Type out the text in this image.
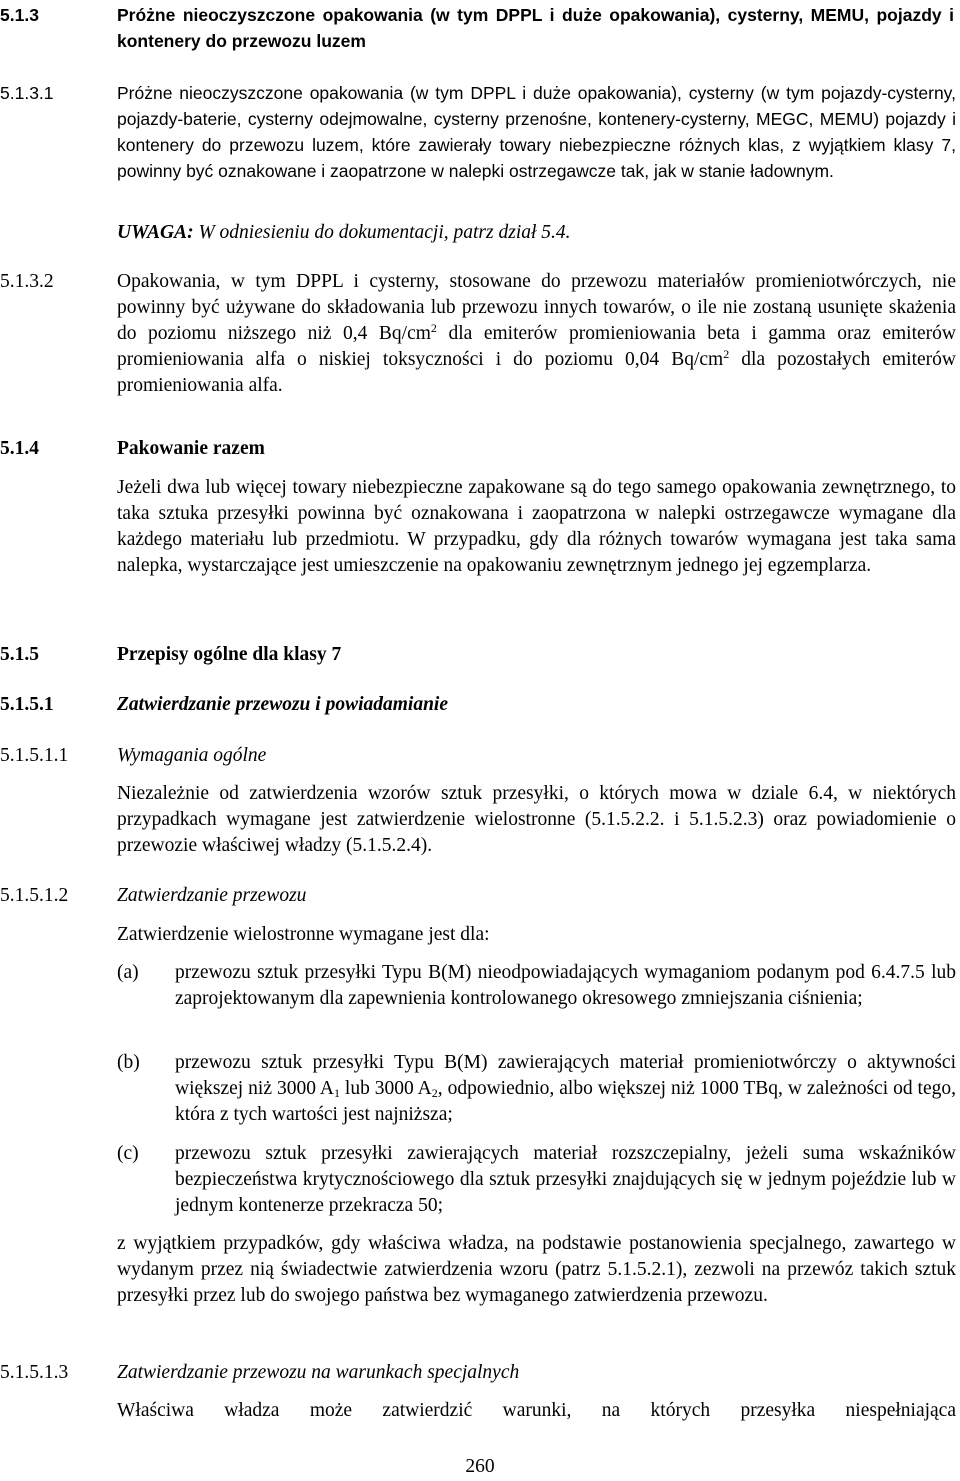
5.1.3	Próżne nieoczyszczone opakowania (w tym DPPL i duże opakowania), cysterny, MEMU, pojazdy i kontenery do przewozu luzem
5.1.3.1	Próżne nieoczyszczone opakowania (w tym DPPL i duże opakowania), cysterny (w tym pojazdy-cysterny, pojazdy-baterie, cysterny odejmowalne, cysterny przenośne, kontenery-cysterny, MEGC, MEMU) pojazdy i kontenery do przewozu luzem, które zawierały towary niebezpieczne różnych klas, z wyjątkiem klasy 7, powinny być oznakowane i zaopatrzone w nalepki ostrzegawcze tak, jak w stanie ładownym.
UWAGA: W odniesieniu do dokumentacji, patrz dział 5.4.
5.1.3.2	Opakowania, w tym DPPL i cysterny, stosowane do przewozu materiałów promieniotwórczych, nie powinny być używane do składowania lub przewozu innych towarów, o ile nie zostaną usunięte skażenia do poziomu niższego niż 0,4 $Bq/cm^2$ dla emiterów promieniowania beta i gamma oraz emiterów promieniowania alfa o niskiej toksyczności i do poziomu 0,04 $Bq/cm^2$ dla pozostałych emiterów promieniowania alfa.
5.1.4	Pakowanie razem
Jeżeli dwa lub więcej towary niebezpieczne zapakowane są do tego samego opakowania zewnętrznego, to taka sztuka przesyłki powinna być oznakowana i zaopatrzona w nalepki ostrzegawcze wymagane dla każdego materiału lub przedmiotu. W przypadku, gdy dla różnych towarów wymagana jest taka sama nalepka, wystarczające jest umieszczenie na opakowaniu zewnętrznym jednego jej egzemplarza.
5.1.5	Przepisy ogólne dla klasy 7
5.1.5.1	Zatwierdzanie przewozu i powiadamianie
5.1.5.1.1	Wymagania ogólne
Niezależnie od zatwierdzenia wzorów sztuk przesyłki, o których mowa w dziale 6.4, w niektórych przypadkach wymagane jest zatwierdzenie wielostronne (5.1.5.2.2. i 5.1.5.2.3) oraz powiadomienie o przewozie właściwej władzy (5.1.5.2.4).
5.1.5.1.2	Zatwierdzanie przewozu
Zatwierdzenie wielostronne wymagane jest dla:
(a) przewozu sztuk przesyłki Typu B(M) nieodpowiadających wymaganiom podanym pod 6.4.7.5 lub zaprojektowanym dla zapewnienia kontrolowanego okresowego zmniejszania ciśnienia;
(b) przewozu sztuk przesyłki Typu B(M) zawierających materiał promieniotwórczy o aktywności większej niż 3000 $A_1$ lub 3000 $A_2$, odpowiednio, albo większej niż 1000 TBq, w zależności od tego, która z tych wartości jest najniższa;
(c) przewozu sztuk przesyłki zawierających materiał rozszczepialny, jeżeli suma wskaźników bezpieczeństwa krytycznościowego dla sztuk przesyłki znajdujących się w jednym pojeździe lub w jednym kontenerze przekracza 50;
z wyjątkiem przypadków, gdy właściwa władza, na podstawie postanowienia specjalnego, zawartego w wydanym przez nią świadectwie zatwierdzenia wzoru (patrz 5.1.5.2.1), zezwoli na przewóz takich sztuk przesyłki przez lub do swojego państwa bez wymaganego zatwierdzenia przewozu.
5.1.5.1.3	Zatwierdzanie przewozu na warunkach specjalnych
Właściwa władza może zatwierdzić warunki, na których przesyłka niespełniająca
260
